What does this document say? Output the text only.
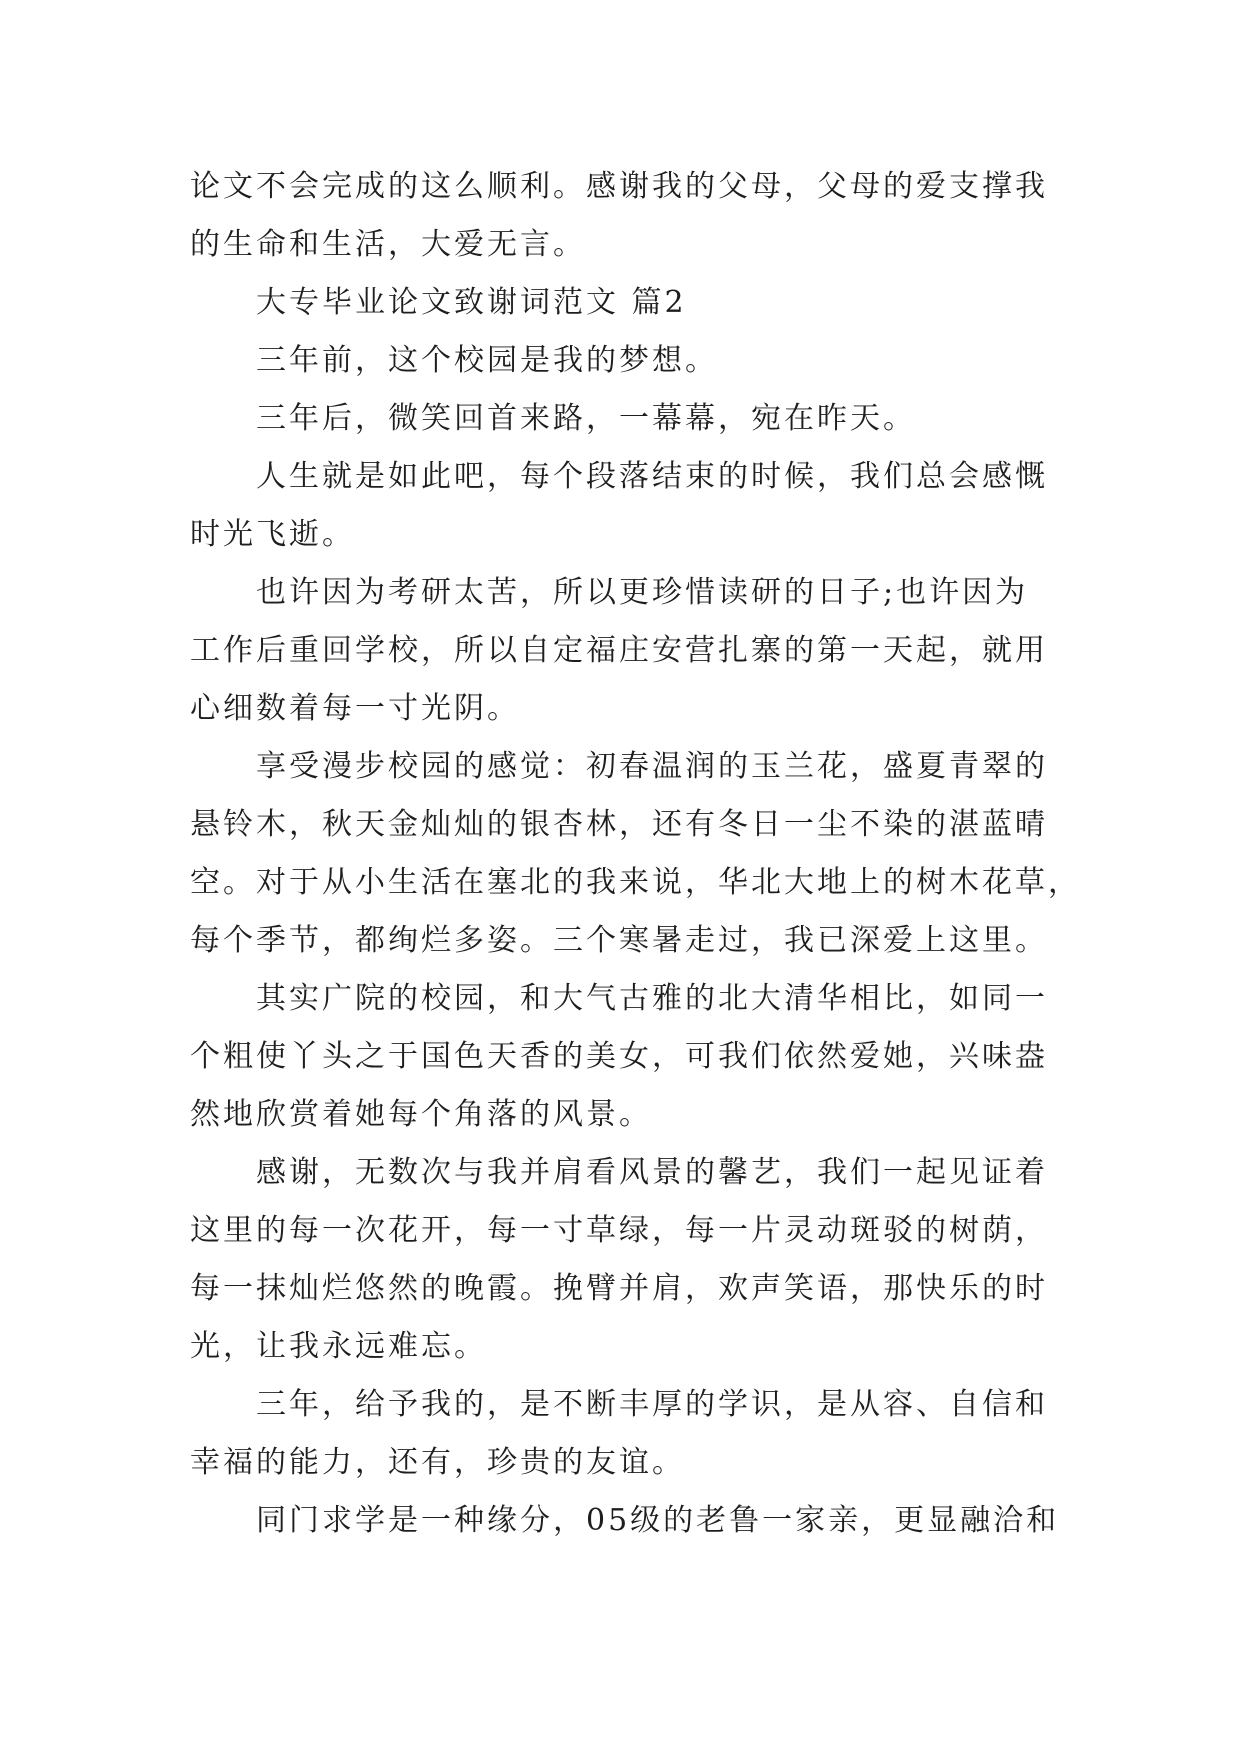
论文不会完成的这么顺利。感谢我的父母，父母的爱支撑我
的生命和生活，大爱无言。
大专毕业论文致谢词范文 篇2
三年前，这个校园是我的梦想。
三年后，微笑回首来路，一幕幕，宛在昨天。
人生就是如此吧，每个段落结束的时候，我们总会感慨
时光飞逝。
也许因为考研太苦，所以更珍惜读研的日子;也许因为
工作后重回学校，所以自定福庄安营扎寨的第一天起，就用
心细数着每一寸光阴。
享受漫步校园的感觉：初春温润的玉兰花，盛夏青翠的
悬铃木，秋天金灿灿的银杏林，还有冬日一尘不染的湛蓝晴
空。对于从小生活在塞北的我来说，华北大地上的树木花草，
每个季节，都绚烂多姿。三个寒暑走过，我已深爱上这里。
其实广院的校园，和大气古雅的北大清华相比，如同一
个粗使丫头之于国色天香的美女，可我们依然爱她，兴味盎
然地欣赏着她每个角落的风景。
感谢，无数次与我并肩看风景的馨艺，我们一起见证着
这里的每一次花开，每一寸草绿，每一片灵动斑驳的树荫，
每一抹灿烂悠然的晚霞。挽臂并肩，欢声笑语，那快乐的时
光，让我永远难忘。
三年，给予我的，是不断丰厚的学识，是从容、自信和
幸福的能力，还有，珍贵的友谊。
同门求学是一种缘分，05级的老鲁一家亲，更显融洽和
